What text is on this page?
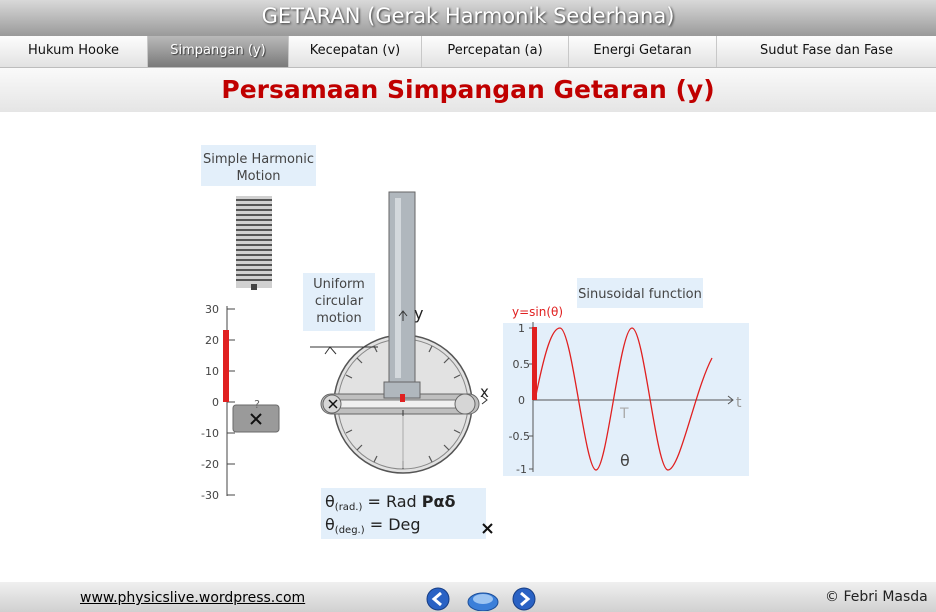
GETARAN (Gerak Harmonik Sederhana)
Hukum Hooke	Simpangan (y)	Kecepatan (v)	Percepatan (a)	Energi Getaran	Sudut Fase dan Fase
Persamaan Simpangan Getaran (y)
Simple Harmonic
Motion
30
20
10
0
-10
-20
-30
?
Uniform
circular
motion	y
x
Sinusoidal function
y=sin(θ)
1
0.5
0
-0.5
-1
t
T
θ
θ(rad.) = Rad Pαδ
θ(deg.) = Deg
www.physicslive.wordpress.com	© Febri Masda
